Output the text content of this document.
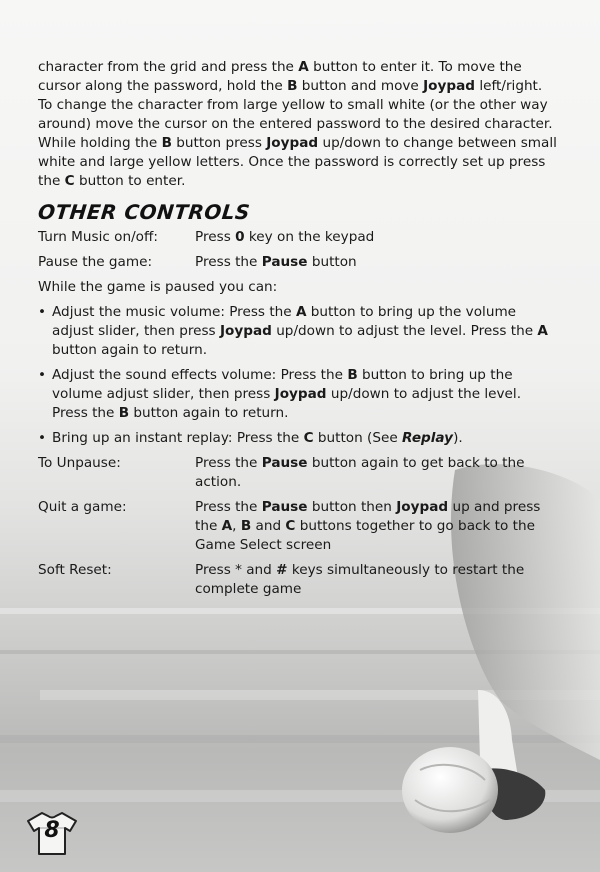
character from the grid and press the A button to enter it. To move the cursor along the password, hold the B button and move Joypad left/right. To change the character from large yellow to small white (or the other way around) move the cursor on the entered password to the desired character. While holding the B button press Joypad up/down to change between small white and large yellow letters. Once the password is correctly set up press the C button to enter.

OTHER CONTROLS
Turn Music on/off:	Press 0 key on the keypad
Pause the game:	Press the Pause button

While the game is paused you can:

• Adjust the music volume: Press the A button to bring up the volume adjust slider, then press Joypad up/down to adjust the level. Press the A button again to return.
• Adjust the sound effects volume: Press the B button to bring up the volume adjust slider, then press Joypad up/down to adjust the level. Press the B button again to return.
• Bring up an instant replay: Press the C button (See Replay).
To Unpause:	Press the Pause button again to get back to the action.
Quit a game:	Press the Pause button then Joypad up and press the A, B and C buttons together to go back to the Game Select screen
Soft Reset:	Press * and # keys simultaneously to restart the complete game
8
